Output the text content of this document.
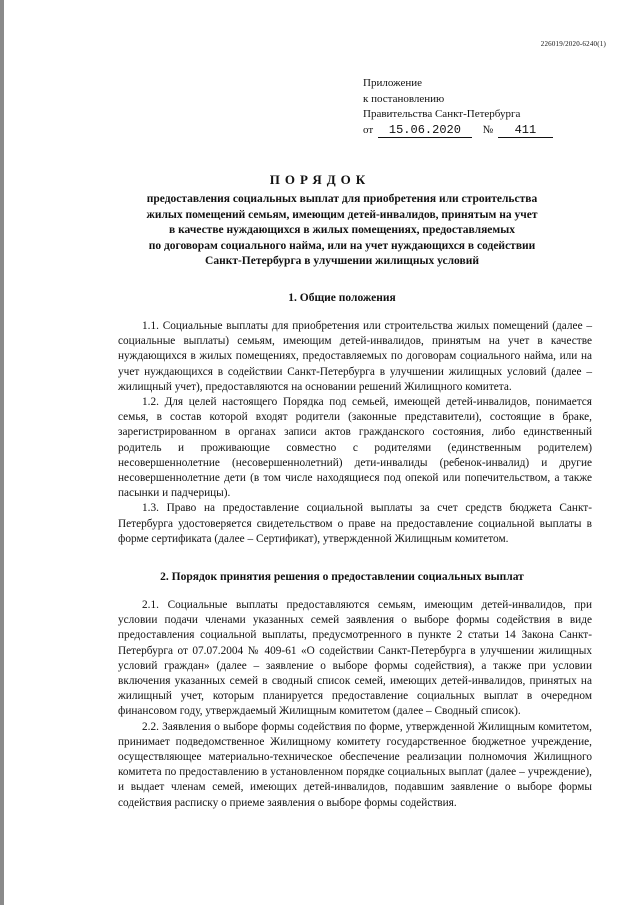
226019/2020-6240(1)
Приложение
к постановлению
Правительства Санкт-Петербурга
от 15.06.2020 № 411
ПОРЯДОК
предоставления социальных выплат для приобретения или строительства
жилых помещений семьям, имеющим детей-инвалидов, принятым на учет
в качестве нуждающихся в жилых помещениях, предоставляемых
по договорам социального найма, или на учет нуждающихся в содействии
Санкт-Петербурга в улучшении жилищных условий
1. Общие положения

1.1. Социальные выплаты для приобретения или строительства жилых помещений (далее – социальные выплаты) семьям, имеющим детей-инвалидов, принятым на учет в качестве нуждающихся в жилых помещениях, предоставляемых по договорам социального найма, или на учет нуждающихся в содействии Санкт-Петербурга в улучшении жилищных условий (далее – жилищный учет), предоставляются на основании решений Жилищного комитета.

1.2. Для целей настоящего Порядка под семьей, имеющей детей-инвалидов, понимается семья, в состав которой входят родители (законные представители), состоящие в браке, зарегистрированном в органах записи актов гражданского состояния, либо единственный родитель и проживающие совместно с родителями (единственным родителем) несовершеннолетние (несовершеннолетний) дети-инвалиды (ребенок-инвалид) и другие несовершеннолетние дети (в том числе находящиеся под опекой или попечительством, а также пасынки и падчерицы).

1.3. Право на предоставление социальной выплаты за счет средств бюджета Санкт-Петербурга удостоверяется свидетельством о праве на предоставление социальной выплаты в форме сертификата (далее – Сертификат), утвержденной Жилищным комитетом.

2. Порядок принятия решения о предоставлении социальных выплат

2.1. Социальные выплаты предоставляются семьям, имеющим детей-инвалидов, при условии подачи членами указанных семей заявления о выборе формы содействия в виде предоставления социальной выплаты, предусмотренного в пункте 2 статьи 14 Закона Санкт-Петербурга от 07.07.2004 № 409-61 «О содействии Санкт-Петербурга в улучшении жилищных условий граждан» (далее – заявление о выборе формы содействия), а также при условии включения указанных семей в сводный список семей, имеющих детей-инвалидов, принятых на жилищный учет, которым планируется предоставление социальных выплат в очередном финансовом году, утверждаемый Жилищным комитетом (далее – Сводный список).

2.2. Заявления о выборе формы содействия по форме, утвержденной Жилищным комитетом, принимает подведомственное Жилищному комитету государственное бюджетное учреждение, осуществляющее материально-техническое обеспечение реализации полномочия Жилищного комитета по предоставлению в установленном порядке социальных выплат (далее – учреждение), и выдает членам семей, имеющих детей-инвалидов, подавшим заявление о выборе формы содействия расписку о приеме заявления о выборе формы содействия.
